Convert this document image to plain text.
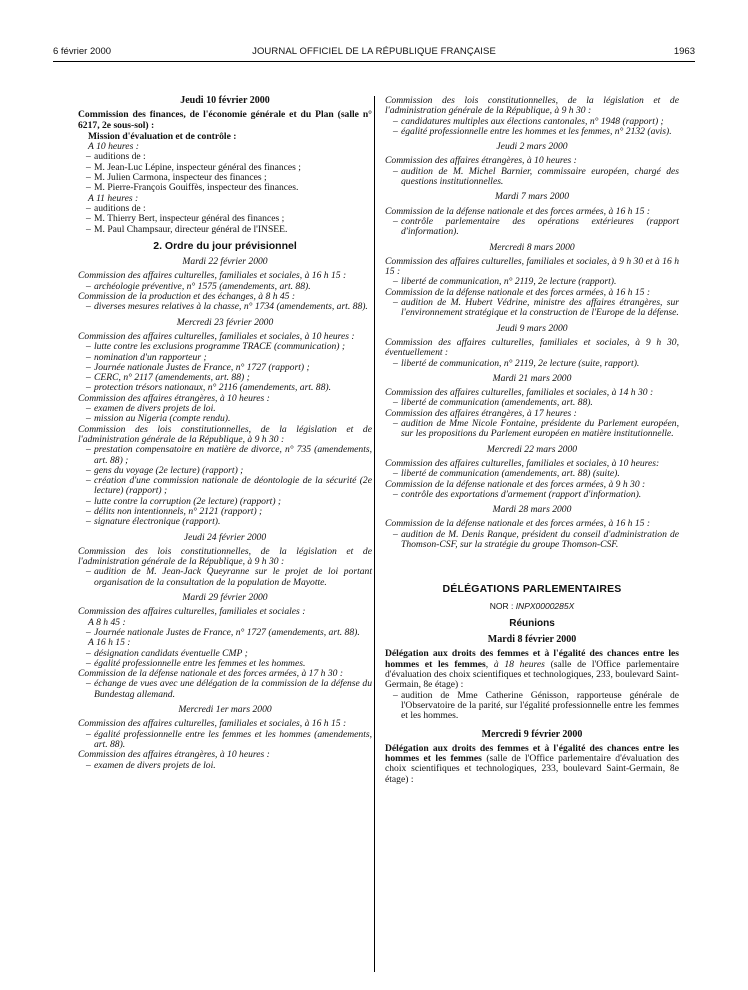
6 février 2000	JOURNAL OFFICIEL DE LA RÉPUBLIQUE FRANÇAISE	1963
Jeudi 10 février 2000
Commission des finances, de l'économie générale et du Plan (salle n° 6217, 2e sous-sol) :
Mission d'évaluation et de contrôle :
A 10 heures :
– auditions de :
– M. Jean-Luc Lépine, inspecteur général des finances ;
– M. Julien Carmona, inspecteur des finances ;
– M. Pierre-François Gouiffès, inspecteur des finances.
A 11 heures :
– auditions de :
– M. Thierry Bert, inspecteur général des finances ;
– M. Paul Champsaur, directeur général de l'INSEE.
2. Ordre du jour prévisionnel
Mardi 22 février 2000
Commission des affaires culturelles, familiales et sociales, à 16 h 15 :
– archéologie préventive, n° 1575 (amendements, art. 88).
Commission de la production et des échanges, à 8 h 45 :
– diverses mesures relatives à la chasse, n° 1734 (amendements, art. 88).
Mercredi 23 février 2000
Commission des affaires culturelles, familiales et sociales, à 10 heures :
– lutte contre les exclusions programme TRACE (communication) ;
– nomination d'un rapporteur ;
– Journée nationale Justes de France, n° 1727 (rapport) ;
– CERC, n° 2117 (amendements, art. 88) ;
– protection trésors nationaux, n° 2116 (amendements, art. 88).
Commission des affaires étrangères, à 10 heures :
– examen de divers projets de loi.
– mission au Nigeria (compte rendu).
Commission des lois constitutionnelles, de la législation et de l'administration générale de la République, à 9 h 30 :
– prestation compensatoire en matière de divorce, n° 735 (amendements, art. 88) ;
– gens du voyage (2e lecture) (rapport) ;
– création d'une commission nationale de déontologie de la sécurité (2e lecture) (rapport) ;
– lutte contre la corruption (2e lecture) (rapport) ;
– délits non intentionnels, n° 2121 (rapport) ;
– signature électronique (rapport).
Jeudi 24 février 2000
Commission des lois constitutionnelles, de la législation et de l'administration générale de la République, à 9 h 30 :
– audition de M. Jean-Jack Queyranne sur le projet de loi portant organisation de la consultation de la population de Mayotte.
Mardi 29 février 2000
Commission des affaires culturelles, familiales et sociales :
A 8 h 45 :
– Journée nationale Justes de France, n° 1727 (amendements, art. 88).
A 16 h 15 :
– désignation candidats éventuelle CMP ;
– égalité professionnelle entre les femmes et les hommes.
Commission de la défense nationale et des forces armées, à 17 h 30 :
– échange de vues avec une délégation de la commission de la défense du Bundestag allemand.
Mercredi 1er mars 2000
Commission des affaires culturelles, familiales et sociales, à 16 h 15 :
– égalité professionnelle entre les femmes et les hommes (amendements, art. 88).
Commission des affaires étrangères, à 10 heures :
– examen de divers projets de loi.
Commission des lois constitutionnelles, de la législation et de l'administration générale de la République, à 9 h 30 :
– candidatures multiples aux élections cantonales, n° 1948 (rapport) ;
– égalité professionnelle entre les hommes et les femmes, n° 2132 (avis).
Jeudi 2 mars 2000
Commission des affaires étrangères, à 10 heures :
– audition de M. Michel Barnier, commissaire européen, chargé des questions institutionnelles.
Mardi 7 mars 2000
Commission de la défense nationale et des forces armées, à 16 h 15 :
– contrôle parlementaire des opérations extérieures (rapport d'information).
Mercredi 8 mars 2000
Commission des affaires culturelles, familiales et sociales, à 9 h 30 et à 16 h 15 :
– liberté de communication, n° 2119, 2e lecture (rapport).
Commission de la défense nationale et des forces armées, à 16 h 15 :
– audition de M. Hubert Védrine, ministre des affaires étrangères, sur l'environnement stratégique et la construction de l'Europe de la défense.
Jeudi 9 mars 2000
Commission des affaires culturelles, familiales et sociales, à 9 h 30, éventuellement :
– liberté de communication, n° 2119, 2e lecture (suite, rapport).
Mardi 21 mars 2000
Commission des affaires culturelles, familiales et sociales, à 14 h 30 :
– liberté de communication (amendements, art. 88).
Commission des affaires étrangères, à 17 heures :
– audition de Mme Nicole Fontaine, présidente du Parlement européen, sur les propositions du Parlement européen en matière institutionnelle.
Mercredi 22 mars 2000
Commission des affaires culturelles, familiales et sociales, à 10 heures:
– liberté de communication (amendements, art. 88) (suite).
Commission de la défense nationale et des forces armées, à 9 h 30 :
– contrôle des exportations d'armement (rapport d'information).
Mardi 28 mars 2000
Commission de la défense nationale et des forces armées, à 16 h 15 :
– audition de M. Denis Ranque, président du conseil d'administration de Thomson-CSF, sur la stratégie du groupe Thomson-CSF.
DÉLÉGATIONS PARLEMENTAIRES
NOR : INPX0000285X
Réunions
Mardi 8 février 2000
Délégation aux droits des femmes et à l'égalité des chances entre les hommes et les femmes, à 18 heures (salle de l'Office parlementaire d'évaluation des choix scientifiques et technologiques, 233, boulevard Saint-Germain, 8e étage) :
– audition de Mme Catherine Génisson, rapporteuse générale de l'Observatoire de la parité, sur l'égalité professionnelle entre les femmes et les hommes.
Mercredi 9 février 2000
Délégation aux droits des femmes et à l'égalité des chances entre les hommes et les femmes (salle de l'Office parlementaire d'évaluation des choix scientifiques et technologiques, 233, boulevard Saint-Germain, 8e étage) :
